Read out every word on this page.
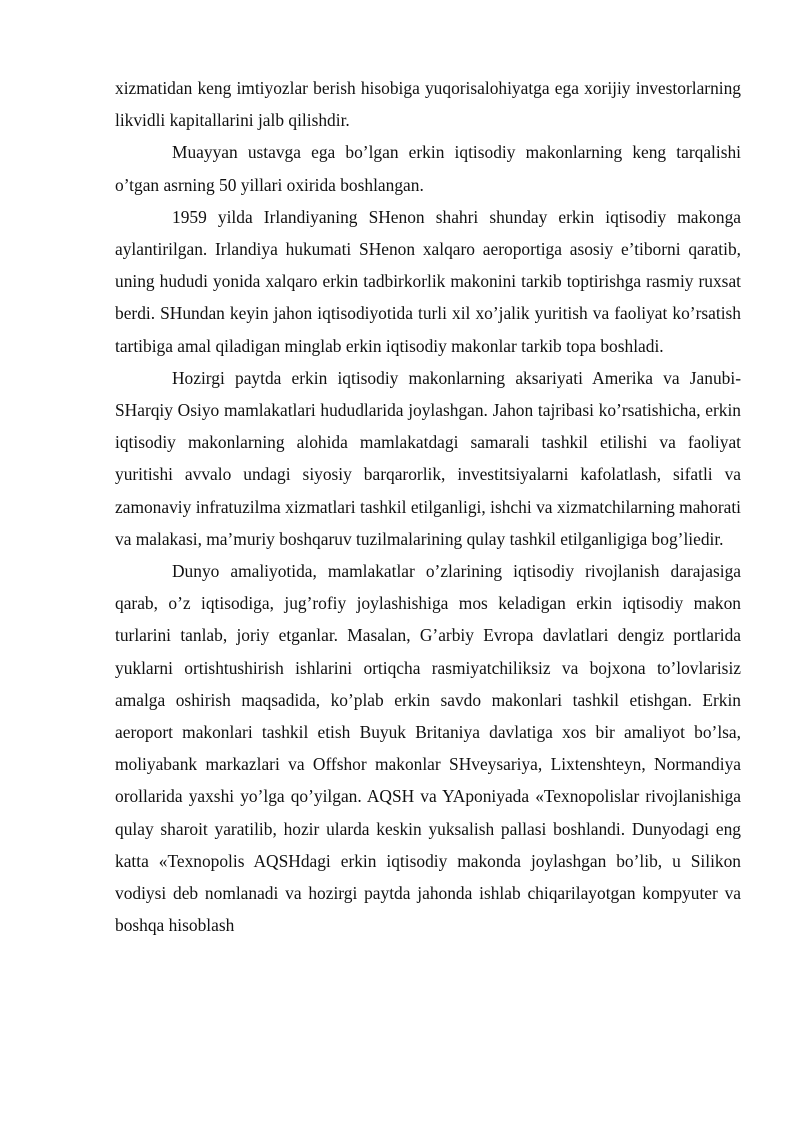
xizmatidan keng imtiyozlar berish hisobiga yuqorisalohiyatga ega xorijiy investorlarning likvidli kapitallarini jalb qilishdir.

Muayyan ustavga ega bo’lgan erkin iqtisodiy makonlarning keng tarqalishi o’tgan asrning 50 yillari oxirida boshlangan.

1959 yilda Irlandiyaning SHenon shahri shunday erkin iqtisodiy makonga aylantirilgan. Irlandiya hukumati SHenon xalqaro aeroportiga asosiy e’tiborni qaratib, uning hududi yonida xalqaro erkin tadbirkorlik makonini tarkib toptirishga rasmiy ruxsat berdi. SHundan keyin jahon iqtisodiyotida turli xil xo’jalik yuritish va faoliyat ko’rsatish tartibiga amal qiladigan minglab erkin iqtisodiy makonlar tarkib topa boshladi.

Hozirgi paytda erkin iqtisodiy makonlarning aksariyati Amerika va Janubi-SHarqiy Osiyo mamlakatlari hududlarida joylashgan. Jahon tajribasi ko’rsatishicha, erkin iqtisodiy makonlarning alohida mamlakatdagi samarali tashkil etilishi va faoliyat yuritishi avvalo undagi siyosiy barqarorlik, investitsiyalarni kafolatlash, sifatli va zamonaviy infratuzilma xizmatlari tashkil etilganligi, ishchi va xizmatchilarning mahorati va malakasi, ma’muriy boshqaruv tuzilmalarining qulay tashkil etilganligiga bog’liedir.

Dunyo amaliyotida, mamlakatlar o’zlarining iqtisodiy rivojlanish darajasiga qarab, o’z iqtisodiga, jug’rofiy joylashishiga mos keladigan erkin iqtisodiy makon turlarini tanlab, joriy etganlar. Masalan, G’arbiy Evropa davlatlari dengiz portlarida yuklarni ortishtushirish ishlarini ortiqcha rasmiyatchiliksiz va bojxona to’lovlarisiz amalga oshirish maqsadida, ko’plab erkin savdo makonlari tashkil etishgan. Erkin aeroport makonlari tashkil etish Buyuk Britaniya davlatiga xos bir amaliyot bo’lsa, moliyabank markazlari va Offshor makonlar SHveysariya, Lixtenshteyn, Normandiya orollarida yaxshi yo’lga qo’yilgan. AQSH va YAponiyada «Texnopolislar rivojlanishiga qulay sharoit yaratilib, hozir ularda keskin yuksalish pallasi boshlandi. Dunyodagi eng katta «Texnopolis AQSHdagi erkin iqtisodiy makonda joylashgan bo’lib, u Silikon vodiysi deb nomlanadi va hozirgi paytda jahonda ishlab chiqarilayotgan kompyuter va boshqa hisoblash
